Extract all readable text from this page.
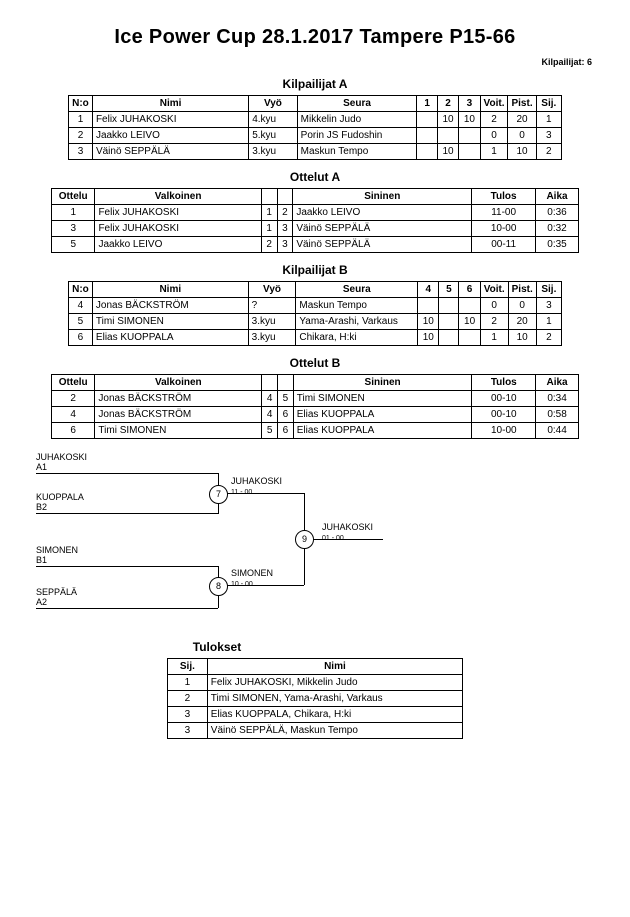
Ice Power Cup 28.1.2017 Tampere P15-66
Kilpailijat: 6
Kilpailijat A
N:o	Nimi	Vyö	Seura	1	2	3	Voit.	Pist.	Sij.
1	Felix JUHAKOSKI	4.kyu	Mikkelin Judo		10	10	2	20	1
2	Jaakko LEIVO	5.kyu	Porin JS Fudoshin				0	0	3
3	Väinö SEPPÄLÄ	3.kyu	Maskun Tempo		10		1	10	2
Ottelut A
Ottelu	Valkoinen			Sininen	Tulos	Aika
1	Felix JUHAKOSKI	1	2	Jaakko LEIVO	11-00	0:36
3	Felix JUHAKOSKI	1	3	Väinö SEPPÄLÄ	10-00	0:32
5	Jaakko LEIVO	2	3	Väinö SEPPÄLÄ	00-11	0:35
Kilpailijat B
N:o	Nimi	Vyö	Seura	4	5	6	Voit.	Pist.	Sij.
4	Jonas BÄCKSTRÖM	?	Maskun Tempo				0	0	3
5	Timi SIMONEN	3.kyu	Yama-Arashi, Varkaus	10		10	2	20	1
6	Elias KUOPPALA	3.kyu	Chikara, H:ki	10			1	10	2
Ottelut B
Ottelu	Valkoinen			Sininen	Tulos	Aika
2	Jonas BÄCKSTRÖM	4	5	Timi SIMONEN	00-10	0:34
4	Jonas BÄCKSTRÖM	4	6	Elias KUOPPALA	00-10	0:58
6	Timi SIMONEN	5	6	Elias KUOPPALA	10-00	0:44
JUHAKOSKI
A1
KUOPPALA
B2
7
JUHAKOSKI
SIMONEN
B1
SEPPÄLÄ
A2
8
SIMONEN
9
JUHAKOSKI
Tulokset
Sij.	Nimi
1	Felix JUHAKOSKI, Mikkelin Judo
2	Timi SIMONEN, Yama-Arashi, Varkaus
3	Elias KUOPPALA, Chikara, H:ki
3	Väinö SEPPÄLÄ, Maskun Tempo
